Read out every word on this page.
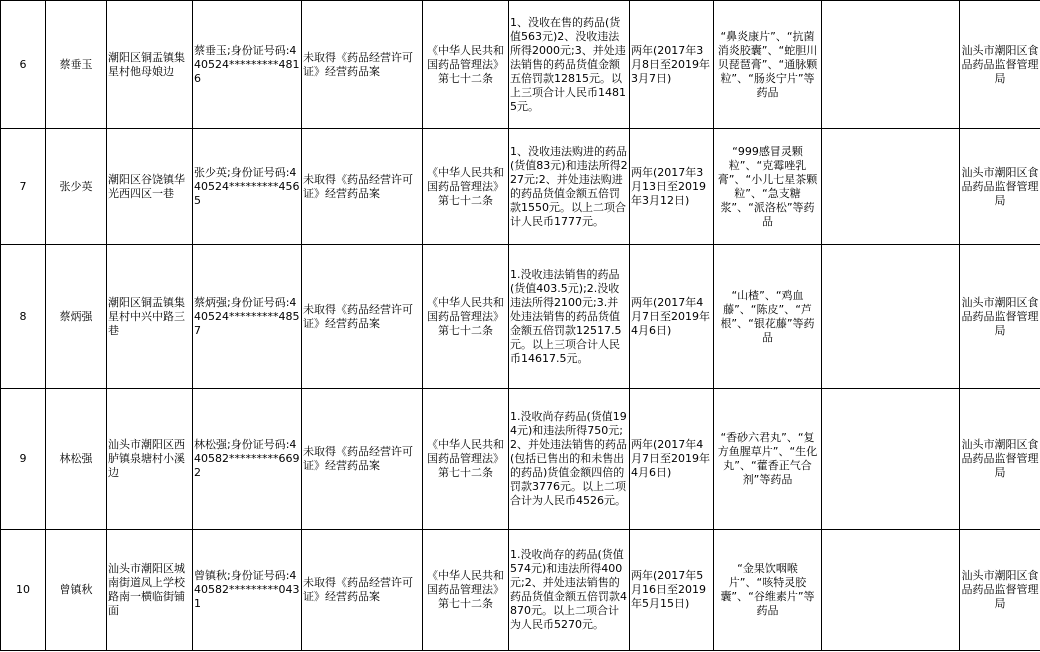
6	蔡垂玉	潮阳区铜盂镇集星村他母娘边	蔡垂玉;身份证号码:440524*********4816	未取得《药品经营许可证》经营药品案	《中华人民共和国药品管理法》第七十二条	1、没收在售的药品(货值563元)2、没收违法所得2000元;3、并处违法销售的药品货值金额五倍罚款12815元。以上三项合计人民币14815元。	两年(2017年3月8日至2019年3月7日)	“鼻炎康片”、“抗菌消炎胶囊”、“蛇胆川贝琵琶膏”、“通脉颗粒”、“肠炎宁片”等药品		汕头市潮阳区食品药品监督管理局
7	张少英	潮阳区谷饶镇华光西四区一巷	张少英;身份证号码:440524*********4565	未取得《药品经营许可证》经营药品案	《中华人民共和国药品管理法》第七十二条	1、没收违法购进的药品(货值83元)和违法所得227元;2、并处违法购进的药品货值金额五倍罚款1550元。以上二项合计人民币1777元。	两年(2017年3月13日至2019年3月12日)	“999感冒灵颗粒”、“克霉唑乳膏”、“小儿七星茶颗粒”、“急支糖浆”、“派洛松”等药品		汕头市潮阳区食品药品监督管理局
8	蔡炳强	潮阳区铜盂镇集星村中兴中路三巷	蔡炳强;身份证号码:440524*********4857	未取得《药品经营许可证》经营药品案	《中华人民共和国药品管理法》第七十二条	1.没收违法销售的药品(货值403.5元);2.没收违法所得2100元;3.并处违法销售的药品货值金额五倍罚款12517.5元。以上三项合计人民币14617.5元。	两年(2017年4月7日至2019年4月6日)	“山楂”、“鸡血藤”、“陈皮”、“芦根”、“银花藤”等药品		汕头市潮阳区食品药品监督管理局
9	林松强	汕头市潮阳区西胪镇泉塘村小溪边	林松强;身份证号码:440582*********6692	未取得《药品经营许可证》经营药品案	《中华人民共和国药品管理法》第七十二条	1.没收尚存药品(货值194元)和违法所得750元;2、并处违法销售的药品(包括已售出的和未售出的药品)货值金额四倍的罚款3776元。以上二项合计为人民币4526元。	两年(2017年4月7日至2019年4月6日)	“香砂六君丸”、“复方鱼腥草片”、“生化丸”、“藿香正气合剂”等药品		汕头市潮阳区食品药品监督管理局
10	曾镇秋	汕头市潮阳区城南街道凤上学校路南一横临街铺面	曾镇秋;身份证号码:440582*********0431	未取得《药品经营许可证》经营药品案	《中华人民共和国药品管理法》第七十二条	1.没收尚存的药品(货值574元)和违法所得400元;2、并处违法销售的药品货值金额五倍罚款4870元。以上二项合计为人民币5270元。	两年(2017年5月16日至2019年5月15日)	“金果饮咽喉片”、“咳特灵胶囊”、“谷维素片”等药品		汕头市潮阳区食品药品监督管理局
